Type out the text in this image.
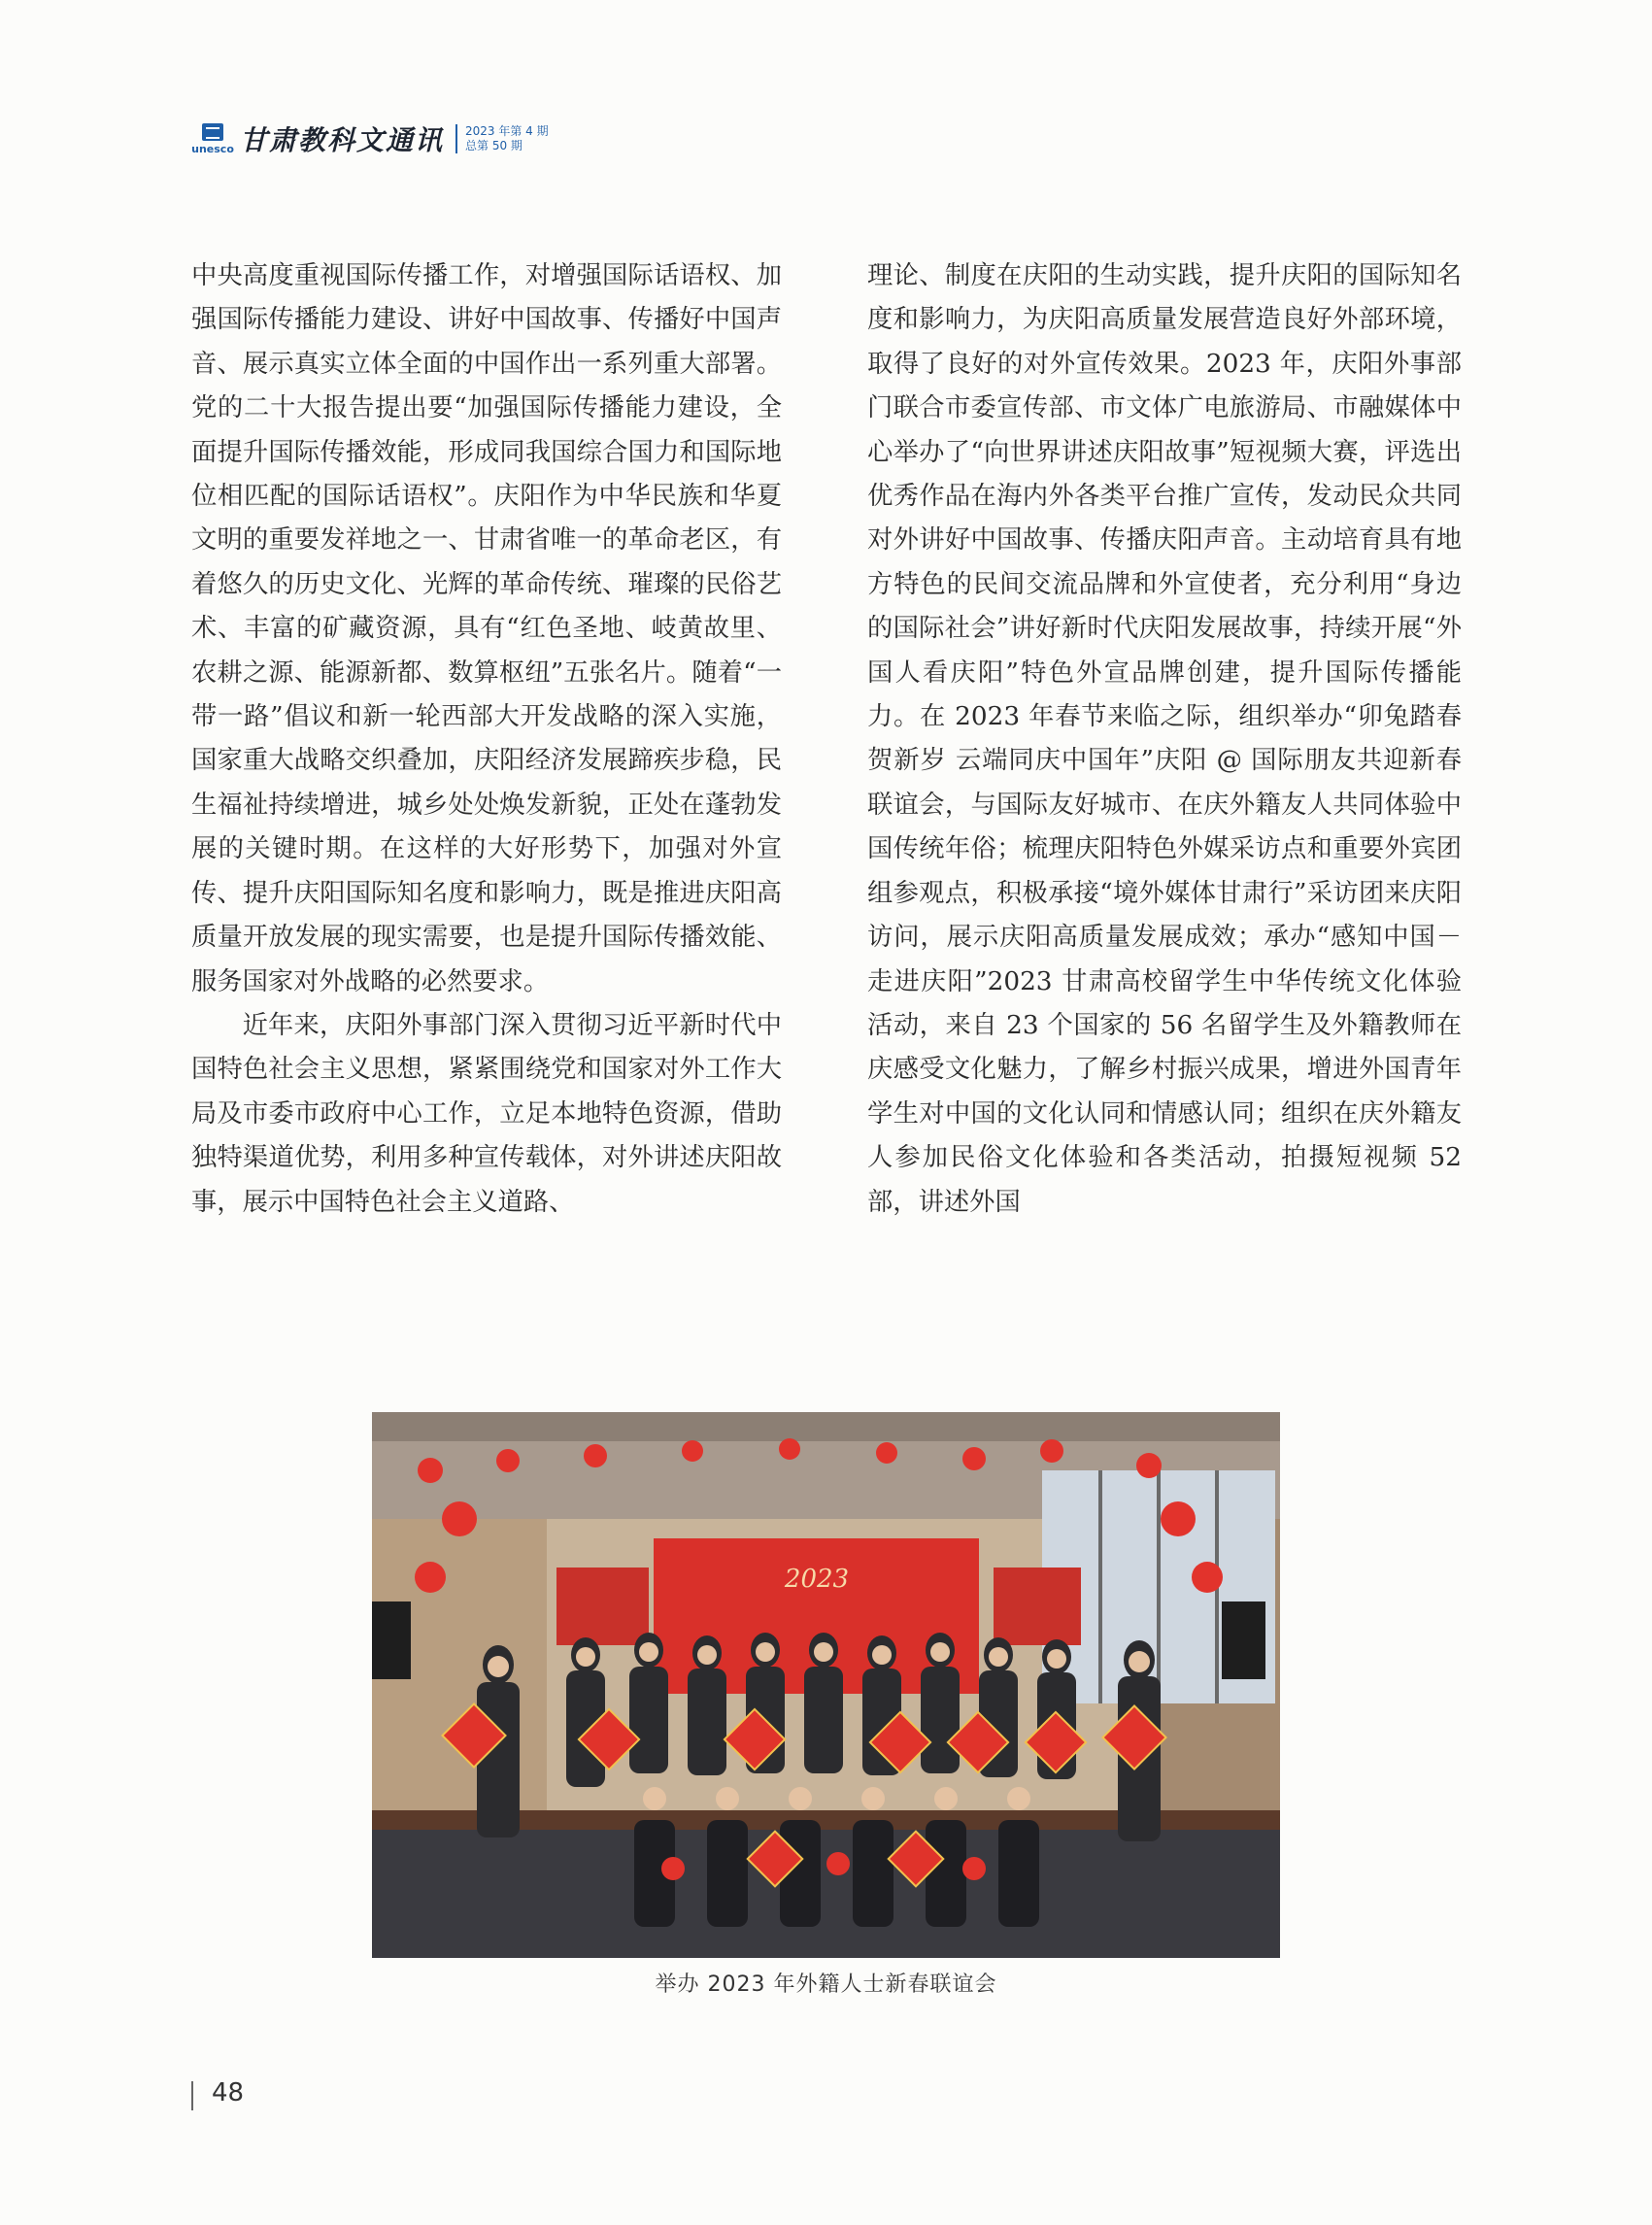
unesco 甘肃教科文通讯 2023 年第 4 期
总第 50 期

中央高度重视国际传播工作，对增强国际话语权、加强国际传播能力建设、讲好中国故事、传播好中国声音、展示真实立体全面的中国作出一系列重大部署。党的二十大报告提出要“加强国际传播能力建设，全面提升国际传播效能，形成同我国综合国力和国际地位相匹配的国际话语权”。庆阳作为中华民族和华夏文明的重要发祥地之一、甘肃省唯一的革命老区，有着悠久的历史文化、光辉的革命传统、璀璨的民俗艺术、丰富的矿藏资源，具有“红色圣地、岐黄故里、农耕之源、能源新都、数算枢纽”五张名片。随着“一带一路”倡议和新一轮西部大开发战略的深入实施，国家重大战略交织叠加，庆阳经济发展蹄疾步稳，民生福祉持续增进，城乡处处焕发新貌，正处在蓬勃发展的关键时期。在这样的大好形势下，加强对外宣传、提升庆阳国际知名度和影响力，既是推进庆阳高质量开放发展的现实需要，也是提升国际传播效能、服务国家对外战略的必然要求。

近年来，庆阳外事部门深入贯彻习近平新时代中国特色社会主义思想，紧紧围绕党和国家对外工作大局及市委市政府中心工作，立足本地特色资源，借助独特渠道优势，利用多种宣传载体，对外讲述庆阳故事，展示中国特色社会主义道路、

理论、制度在庆阳的生动实践，提升庆阳的国际知名度和影响力，为庆阳高质量发展营造良好外部环境，取得了良好的对外宣传效果。2023 年，庆阳外事部门联合市委宣传部、市文体广电旅游局、市融媒体中心举办了“向世界讲述庆阳故事”短视频大赛，评选出优秀作品在海内外各类平台推广宣传，发动民众共同对外讲好中国故事、传播庆阳声音。主动培育具有地方特色的民间交流品牌和外宣使者，充分利用“身边的国际社会”讲好新时代庆阳发展故事，持续开展“外国人看庆阳”特色外宣品牌创建，提升国际传播能力。在 2023 年春节来临之际，组织举办“卯兔踏春贺新岁 云端同庆中国年”庆阳 @ 国际朋友共迎新春联谊会，与国际友好城市、在庆外籍友人共同体验中国传统年俗；梳理庆阳特色外媒采访点和重要外宾团组参观点，积极承接“境外媒体甘肃行”采访团来庆阳访问，展示庆阳高质量发展成效；承办“感知中国－走进庆阳”2023 甘肃高校留学生中华传统文化体验活动，来自 23 个国家的 56 名留学生及外籍教师在庆感受文化魅力，了解乡村振兴成果，增进外国青年学生对中国的文化认同和情感认同；组织在庆外籍友人参加民俗文化体验和各类活动，拍摄短视频 52 部，讲述外国

2023
举办 2023 年外籍人士新春联谊会
48
